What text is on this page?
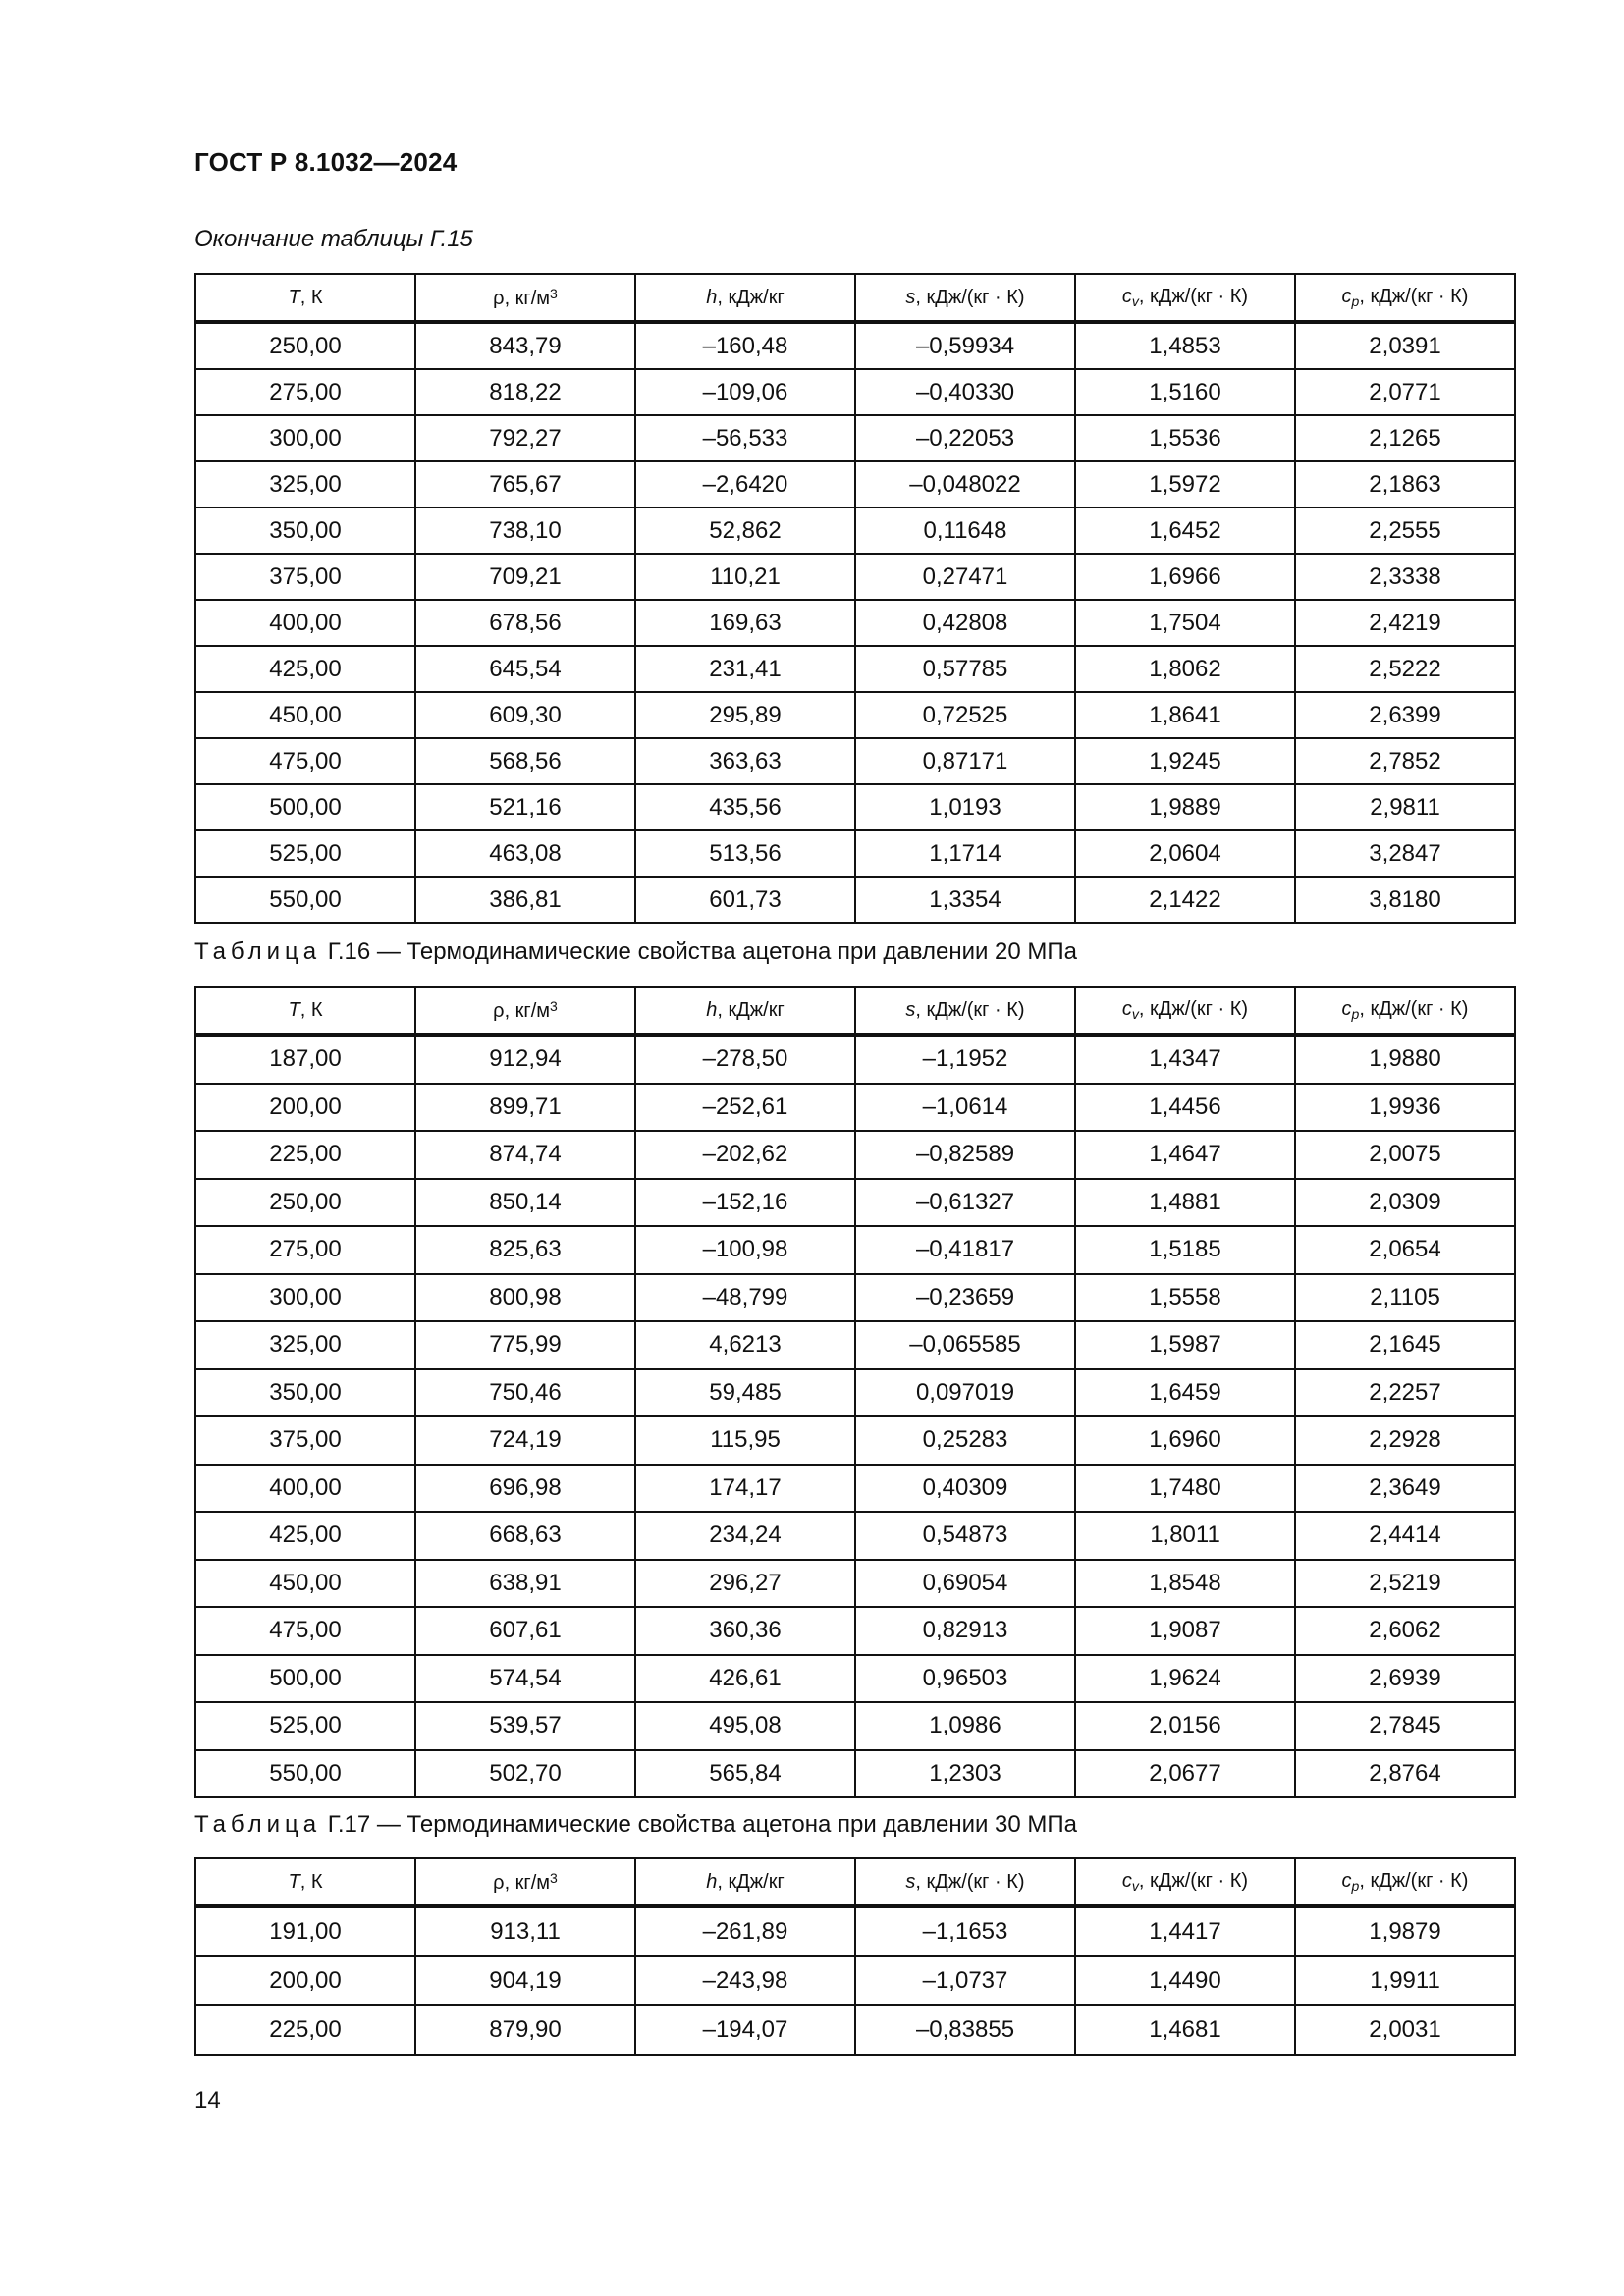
ГОСТ Р 8.1032—2024
Окончание таблицы Г.15
T, К	ρ, $кг/м^3$	h, кДж/кг	s, кДж/(кг · К)	$c_v$, кДж/(кг · К)	$c_p$, кДж/(кг · К)
250,00	843,79	–160,48	–0,59934	1,4853	2,0391
275,00	818,22	–109,06	–0,40330	1,5160	2,0771
300,00	792,27	–56,533	–0,22053	1,5536	2,1265
325,00	765,67	–2,6420	–0,048022	1,5972	2,1863
350,00	738,10	52,862	0,11648	1,6452	2,2555
375,00	709,21	110,21	0,27471	1,6966	2,3338
400,00	678,56	169,63	0,42808	1,7504	2,4219
425,00	645,54	231,41	0,57785	1,8062	2,5222
450,00	609,30	295,89	0,72525	1,8641	2,6399
475,00	568,56	363,63	0,87171	1,9245	2,7852
500,00	521,16	435,56	1,0193	1,9889	2,9811
525,00	463,08	513,56	1,1714	2,0604	3,2847
550,00	386,81	601,73	1,3354	2,1422	3,8180
Таблица Г.16 — Термодинамические свойства ацетона при давлении 20 МПа
T, К	ρ, $кг/м^3$	h, кДж/кг	s, кДж/(кг · К)	$c_v$, кДж/(кг · К)	$c_p$, кДж/(кг · К)
187,00	912,94	–278,50	–1,1952	1,4347	1,9880
200,00	899,71	–252,61	–1,0614	1,4456	1,9936
225,00	874,74	–202,62	–0,82589	1,4647	2,0075
250,00	850,14	–152,16	–0,61327	1,4881	2,0309
275,00	825,63	–100,98	–0,41817	1,5185	2,0654
300,00	800,98	–48,799	–0,23659	1,5558	2,1105
325,00	775,99	4,6213	–0,065585	1,5987	2,1645
350,00	750,46	59,485	0,097019	1,6459	2,2257
375,00	724,19	115,95	0,25283	1,6960	2,2928
400,00	696,98	174,17	0,40309	1,7480	2,3649
425,00	668,63	234,24	0,54873	1,8011	2,4414
450,00	638,91	296,27	0,69054	1,8548	2,5219
475,00	607,61	360,36	0,82913	1,9087	2,6062
500,00	574,54	426,61	0,96503	1,9624	2,6939
525,00	539,57	495,08	1,0986	2,0156	2,7845
550,00	502,70	565,84	1,2303	2,0677	2,8764
Таблица Г.17 — Термодинамические свойства ацетона при давлении 30 МПа
T, К	ρ, $кг/м^3$	h, кДж/кг	s, кДж/(кг · К)	$c_v$, кДж/(кг · К)	$c_p$, кДж/(кг · К)
191,00	913,11	–261,89	–1,1653	1,4417	1,9879
200,00	904,19	–243,98	–1,0737	1,4490	1,9911
225,00	879,90	–194,07	–0,83855	1,4681	2,0031
14
